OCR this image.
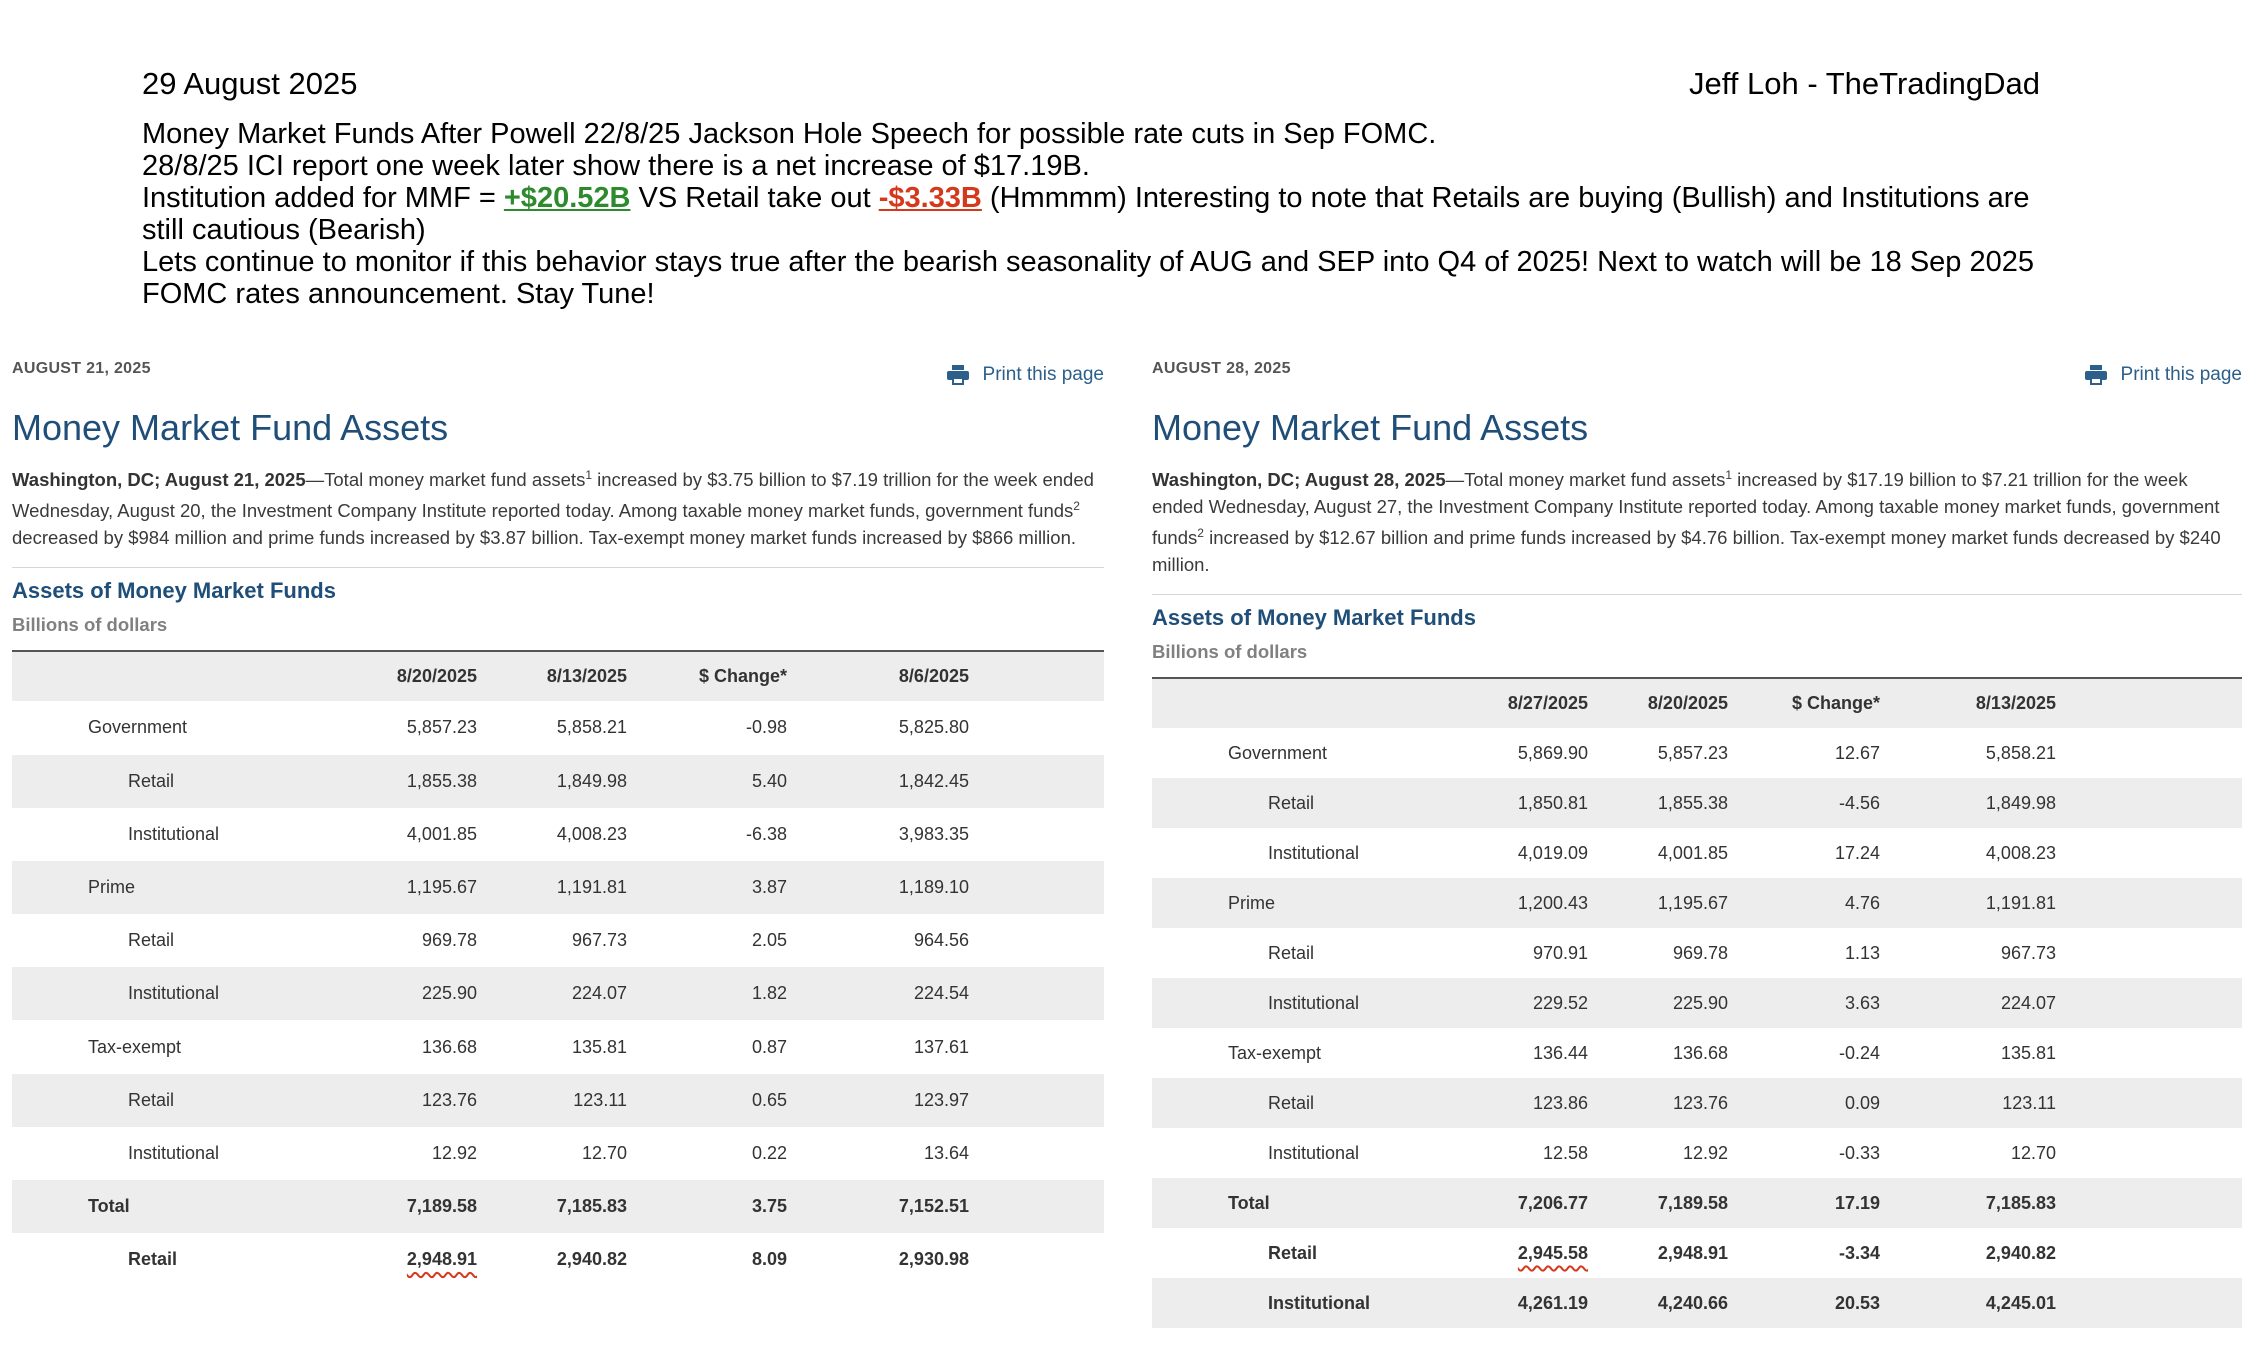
29 August 2025	Jeff Loh - TheTradingDad
Money Market Funds After Powell 22/8/25 Jackson Hole Speech for possible rate cuts in Sep FOMC.
28/8/25 ICI report one week later show there is a net increase of $17.19B.
Institution added for MMF = +$20.52B VS Retail take out -$3.33B (Hmmmm) Interesting to note that Retails are buying (Bullish) and Institutions are still cautious (Bearish)
Lets continue to monitor if this behavior stays true after the bearish seasonality of AUG and SEP into Q4 of 2025! Next to watch will be 18 Sep 2025 FOMC rates announcement. Stay Tune!
AUGUST 21, 2025	Print this page
Money Market Fund Assets
Washington, DC; August 21, 2025—Total money market fund assets$^1$ increased by $3.75 billion to $7.19 trillion for the week ended Wednesday, August 20, the Investment Company Institute reported today. Among taxable money market funds, government funds$^2$ decreased by $984 million and prime funds increased by $3.87 billion. Tax-exempt money market funds increased by $866 million.
Assets of Money Market Funds
Billions of dollars
	8/20/2025	8/13/2025	$ Change*	8/6/2025	
Government	5,857.23	5,858.21	-0.98	5,825.80	
Retail	1,855.38	1,849.98	5.40	1,842.45	
Institutional	4,001.85	4,008.23	-6.38	3,983.35	
Prime	1,195.67	1,191.81	3.87	1,189.10	
Retail	969.78	967.73	2.05	964.56	
Institutional	225.90	224.07	1.82	224.54	
Tax-exempt	136.68	135.81	0.87	137.61	
Retail	123.76	123.11	0.65	123.97	
Institutional	12.92	12.70	0.22	13.64	
Total	7,189.58	7,185.83	3.75	7,152.51	
Retail	2,948.91	2,940.82	8.09	2,930.98	
AUGUST 28, 2025	Print this page
Money Market Fund Assets
Washington, DC; August 28, 2025—Total money market fund assets$^1$ increased by $17.19 billion to $7.21 trillion for the week ended Wednesday, August 27, the Investment Company Institute reported today. Among taxable money market funds, government funds$^2$ increased by $12.67 billion and prime funds increased by $4.76 billion. Tax-exempt money market funds decreased by $240 million.
Assets of Money Market Funds
Billions of dollars
	8/27/2025	8/20/2025	$ Change*	8/13/2025	
Government	5,869.90	5,857.23	12.67	5,858.21	
Retail	1,850.81	1,855.38	-4.56	1,849.98	
Institutional	4,019.09	4,001.85	17.24	4,008.23	
Prime	1,200.43	1,195.67	4.76	1,191.81	
Retail	970.91	969.78	1.13	967.73	
Institutional	229.52	225.90	3.63	224.07	
Tax-exempt	136.44	136.68	-0.24	135.81	
Retail	123.86	123.76	0.09	123.11	
Institutional	12.58	12.92	-0.33	12.70	
Total	7,206.77	7,189.58	17.19	7,185.83	
Retail	2,945.58	2,948.91	-3.34	2,940.82	
Institutional	4,261.19	4,240.66	20.53	4,245.01	
